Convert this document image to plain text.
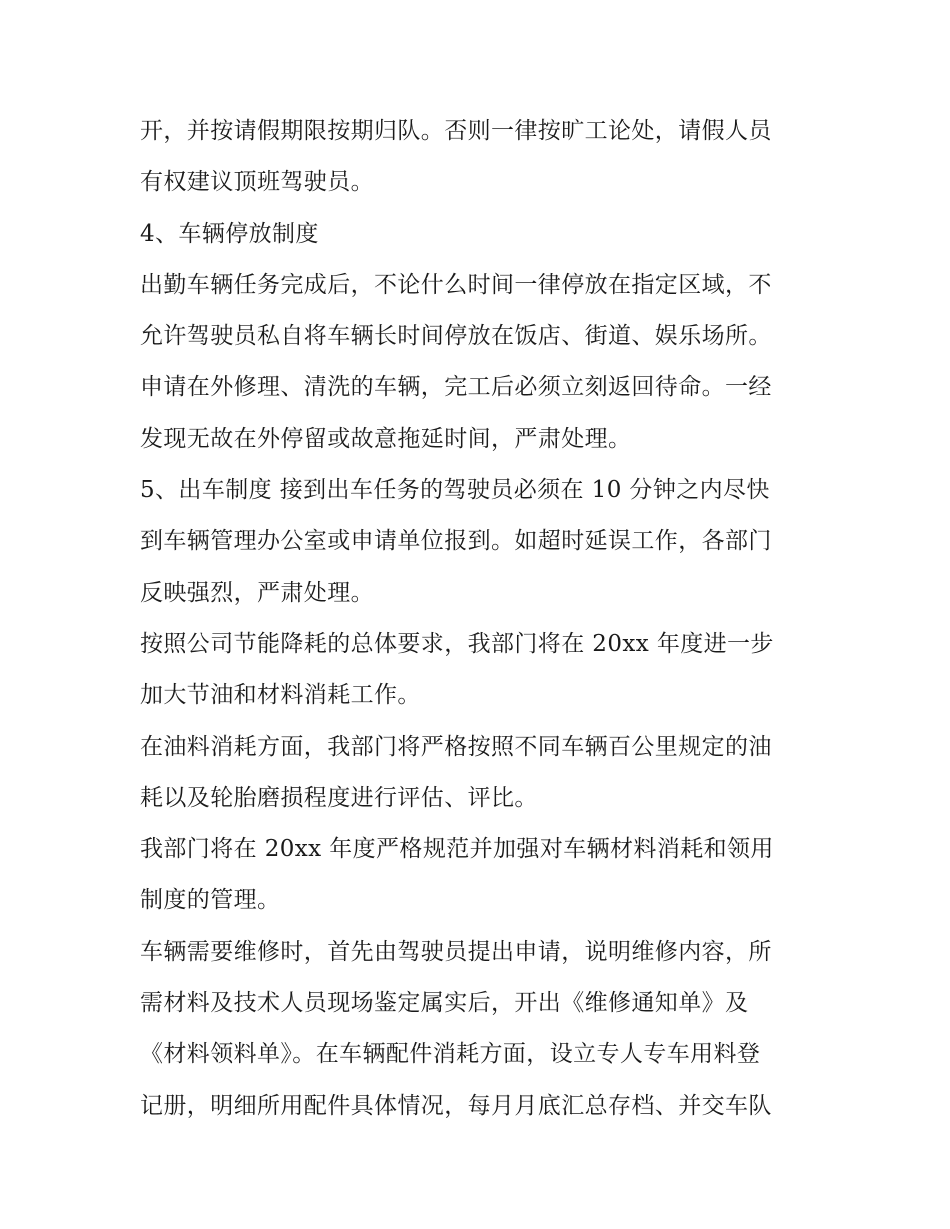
开，并按请假期限按期归队。否则一律按旷工论处，请假人员
有权建议顶班驾驶员。
4、车辆停放制度
出勤车辆任务完成后，不论什么时间一律停放在指定区域，不
允许驾驶员私自将车辆长时间停放在饭店、街道、娱乐场所。
申请在外修理、清洗的车辆，完工后必须立刻返回待命。一经
发现无故在外停留或故意拖延时间，严肃处理。
5、出车制度 接到出车任务的驾驶员必须在 10 分钟之内尽快
到车辆管理办公室或申请单位报到。如超时延误工作，各部门
反映强烈，严肃处理。
按照公司节能降耗的总体要求，我部门将在 20xx 年度进一步
加大节油和材料消耗工作。
在油料消耗方面，我部门将严格按照不同车辆百公里规定的油
耗以及轮胎磨损程度进行评估、评比。
我部门将在 20xx 年度严格规范并加强对车辆材料消耗和领用
制度的管理。
车辆需要维修时，首先由驾驶员提出申请，说明维修内容，所
需材料及技术人员现场鉴定属实后，开出《维修通知单》及
《材料领料单》。在车辆配件消耗方面，设立专人专车用料登
记册，明细所用配件具体情况，每月月底汇总存档、并交车队
